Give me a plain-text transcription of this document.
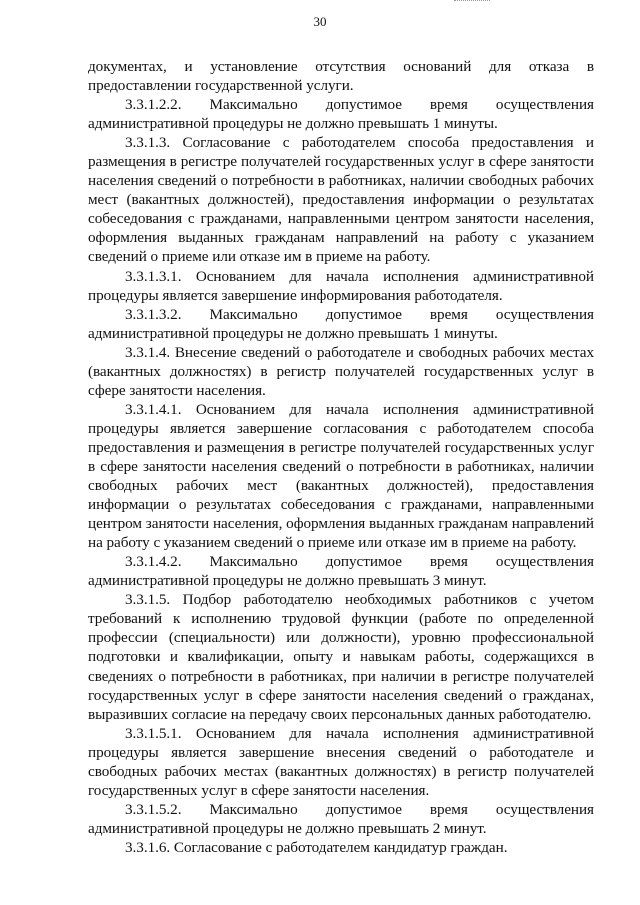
30

документах, и установление отсутствия оснований для отказа в предоставлении государственной услуги.

3.3.1.2.2. Максимально допустимое время осуществления административной процедуры не должно превышать 1 минуты.

3.3.1.3. Согласование с работодателем способа предоставления и размещения в регистре получателей государственных услуг в сфере занятости населения сведений о потребности в работниках, наличии свободных рабочих мест (вакантных должностей), предоставления информации о результатах собеседования с гражданами, направленными центром занятости населения, оформления выданных гражданам направлений на работу с указанием сведений о приеме или отказе им в приеме на работу.

3.3.1.3.1. Основанием для начала исполнения административной процедуры является завершение информирования работодателя.

3.3.1.3.2. Максимально допустимое время осуществления административной процедуры не должно превышать 1 минуты.

3.3.1.4. Внесение сведений о работодателе и свободных рабочих местах (вакантных должностях) в регистр получателей государственных услуг в сфере занятости населения.

3.3.1.4.1. Основанием для начала исполнения административной процедуры является завершение согласования с работодателем способа предоставления и размещения в регистре получателей государственных услуг в сфере занятости населения сведений о потребности в работниках, наличии свободных рабочих мест (вакантных должностей), предоставления информации о результатах собеседования с гражданами, направленными центром занятости населения, оформления выданных гражданам направлений на работу с указанием сведений о приеме или отказе им в приеме на работу.

3.3.1.4.2. Максимально допустимое время осуществления административной процедуры не должно превышать 3 минут.

3.3.1.5. Подбор работодателю необходимых работников с учетом требований к исполнению трудовой функции (работе по определенной профессии (специальности) или должности), уровню профессиональной подготовки и квалификации, опыту и навыкам работы, содержащихся в сведениях о потребности в работниках, при наличии в регистре получателей государственных услуг в сфере занятости населения сведений о гражданах, выразивших согласие на передачу своих персональных данных работодателю.

3.3.1.5.1. Основанием для начала исполнения административной процедуры является завершение внесения сведений о работодателе и свободных рабочих местах (вакантных должностях) в регистр получателей государственных услуг в сфере занятости населения.

3.3.1.5.2. Максимально допустимое время осуществления административной процедуры не должно превышать 2 минут.

3.3.1.6. Согласование с работодателем кандидатур граждан.
